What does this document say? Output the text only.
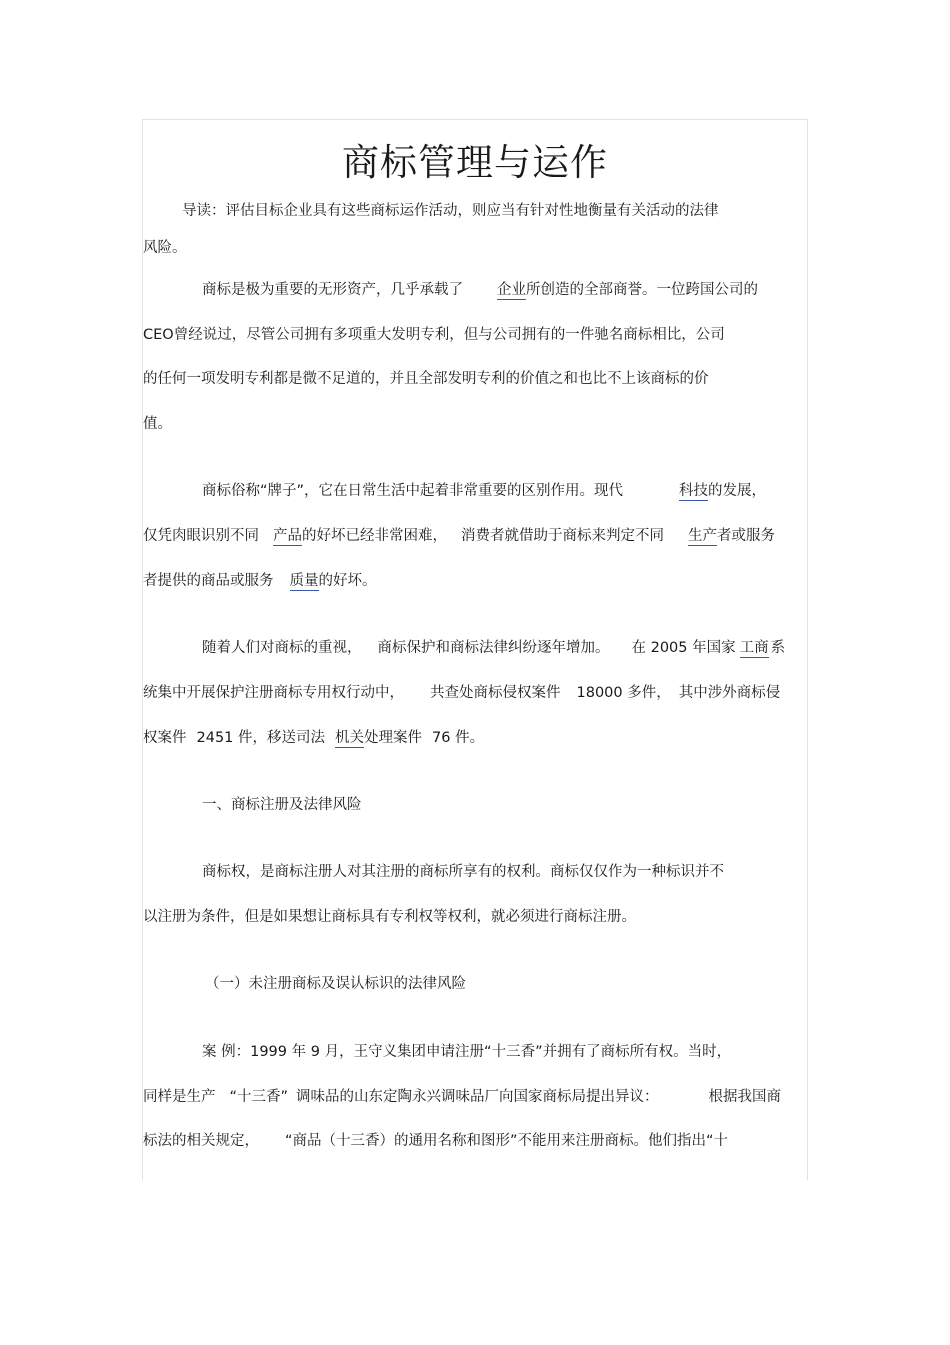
商标管理与运作
导读：评估目标企业具有这些商标运作活动，则应当有针对性地衡量有关活动的法律
风险。
商标是极为重要的无形资产，几乎承载了 企业所创造的全部商誉。一位跨国公司的
CEO曾经说过，尽管公司拥有多项重大发明专利，但与公司拥有的一件驰名商标相比，公司
的任何一项发明专利都是微不足道的，并且全部发明专利的价值之和也比不上该商标的价
值。
商标俗称“牌子”，它在日常生活中起着非常重要的区别作用。现代	科技的发展，
仅凭肉眼识别不同 产品的好坏已经非常困难， 消费者就借助于商标来判定不同 生产者或服务
者提供的商品或服务 质量的好坏。
随着人们对商标的重视， 商标保护和商标法律纠纷逐年增加。 在 2005 年国家 工商 系
统集中开展保护注册商标专用权行动中， 共查处商标侵权案件 18000 多件， 其中涉外商标侵
权案件 2451 件，移送司法 机关处理案件 76 件。
一、商标注册及法律风险
商标权，是商标注册人对其注册的商标所享有的权利。商标仅仅作为一种标识并不
以注册为条件，但是如果想让商标具有专利权等权利，就必须进行商标注册。
（一）未注册商标及误认标识的法律风险
案 例：1999 年 9 月，王守义集团申请注册“十三香”并拥有了商标所有权。当时，
同样是生产 “十三香” 调味品的山东定陶永兴调味品厂向国家商标局提出异议：	根据我国商
标法的相关规定， “商品（十三香）的通用名称和图形”不能用来注册商标。他们指出“十
